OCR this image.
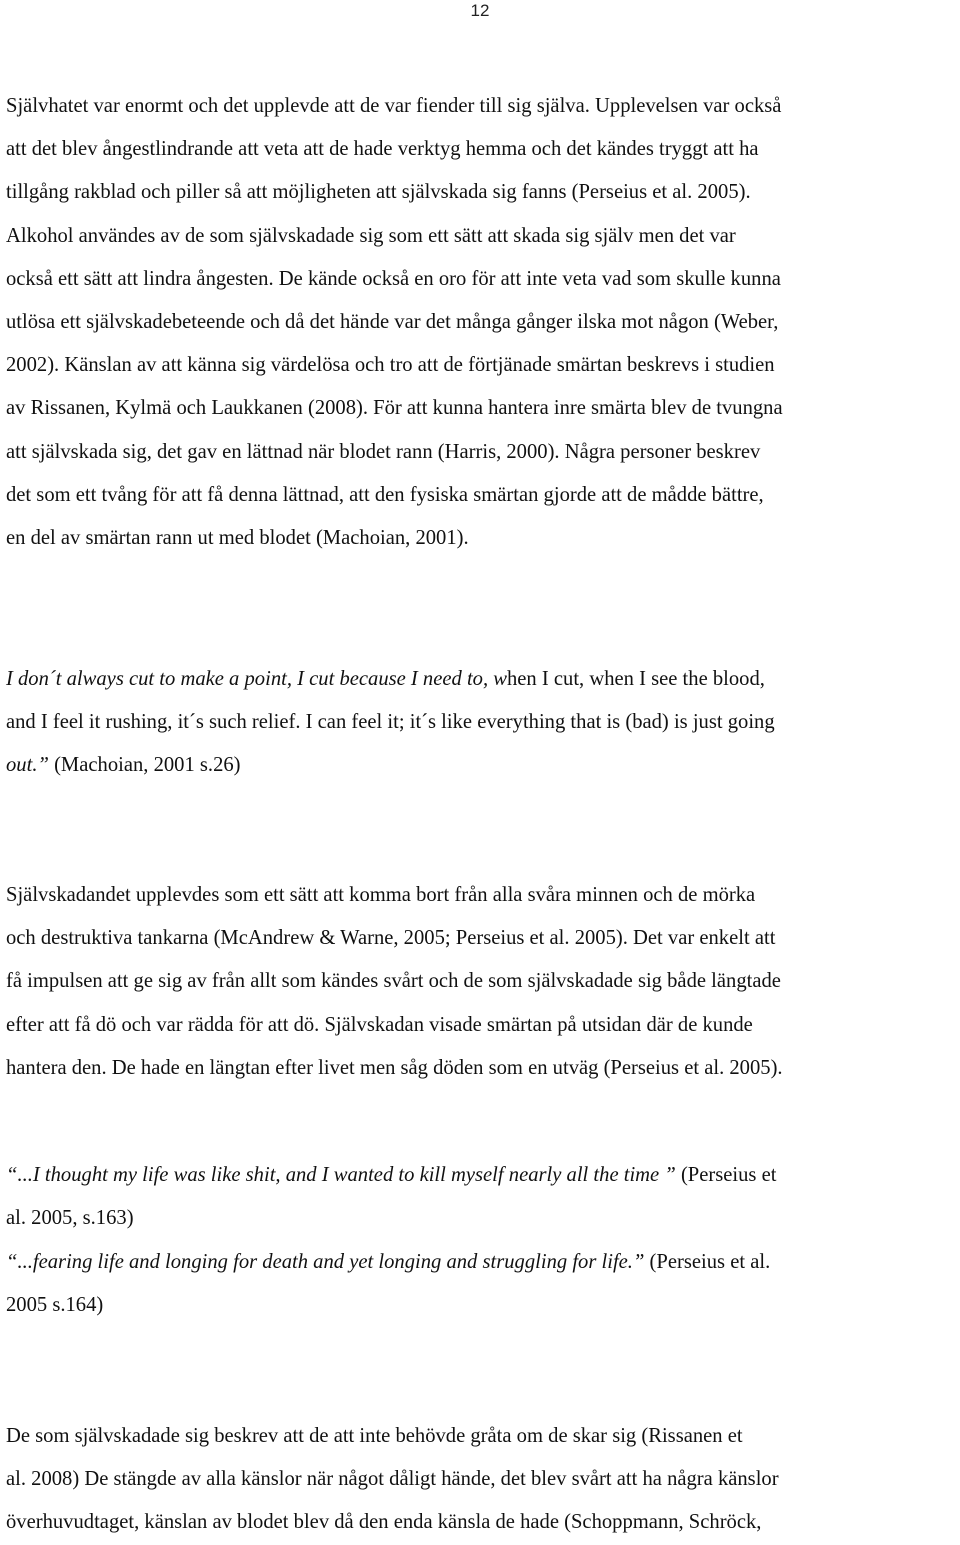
12
Självhatet var enormt och det upplevde att de var fiender till sig själva. Upplevelsen var också
att det blev ångestlindrande att veta att de hade verktyg hemma och det kändes tryggt att ha
tillgång rakblad och piller så att möjligheten att självskada sig fanns (Perseius et al. 2005).
Alkohol användes av de som självskadade sig som ett sätt att skada sig själv men det var
också ett sätt att lindra ångesten. De kände också en oro för att inte veta vad som skulle kunna
utlösa ett självskadebeteende och då det hände var det många gånger ilska mot någon (Weber,
2002). Känslan av att känna sig värdelösa och tro att de förtjänade smärtan beskrevs i studien
av Rissanen, Kylmä och Laukkanen (2008). För att kunna hantera inre smärta blev de tvungna
att självskada sig, det gav en lättnad när blodet rann (Harris, 2000). Några personer beskrev
det som ett tvång för att få denna lättnad, att den fysiska smärtan gjorde att de mådde bättre,
en del av smärtan rann ut med blodet (Machoian, 2001).
I don´t always cut to make a point, I cut because I need to, when I cut, when I see the blood,
and I feel it rushing, it´s such relief. I can feel it; it´s like everything that is (bad) is just going
out.” (Machoian, 2001 s.26)
Självskadandet upplevdes som ett sätt att komma bort från alla svåra minnen och de mörka
och destruktiva tankarna (McAndrew & Warne, 2005; Perseius et al. 2005). Det var enkelt att
få impulsen att ge sig av från allt som kändes svårt och de som självskadade sig både längtade
efter att få dö och var rädda för att dö. Självskadan visade smärtan på utsidan där de kunde
hantera den. De hade en längtan efter livet men såg döden som en utväg (Perseius et al. 2005).
“...I thought my life was like shit, and I wanted to kill myself nearly all the time ” (Perseius et
al. 2005, s.163)
“...fearing life and longing for death and yet longing and struggling for life.” (Perseius et al.
2005 s.164)
De som självskadade sig beskrev att de att inte behövde gråta om de skar sig (Rissanen et
al. 2008) De stängde av alla känslor när något dåligt hände, det blev svårt att ha några känslor
överhuvudtaget, känslan av blodet blev då den enda känsla de hade (Schoppmann, Schröck,
